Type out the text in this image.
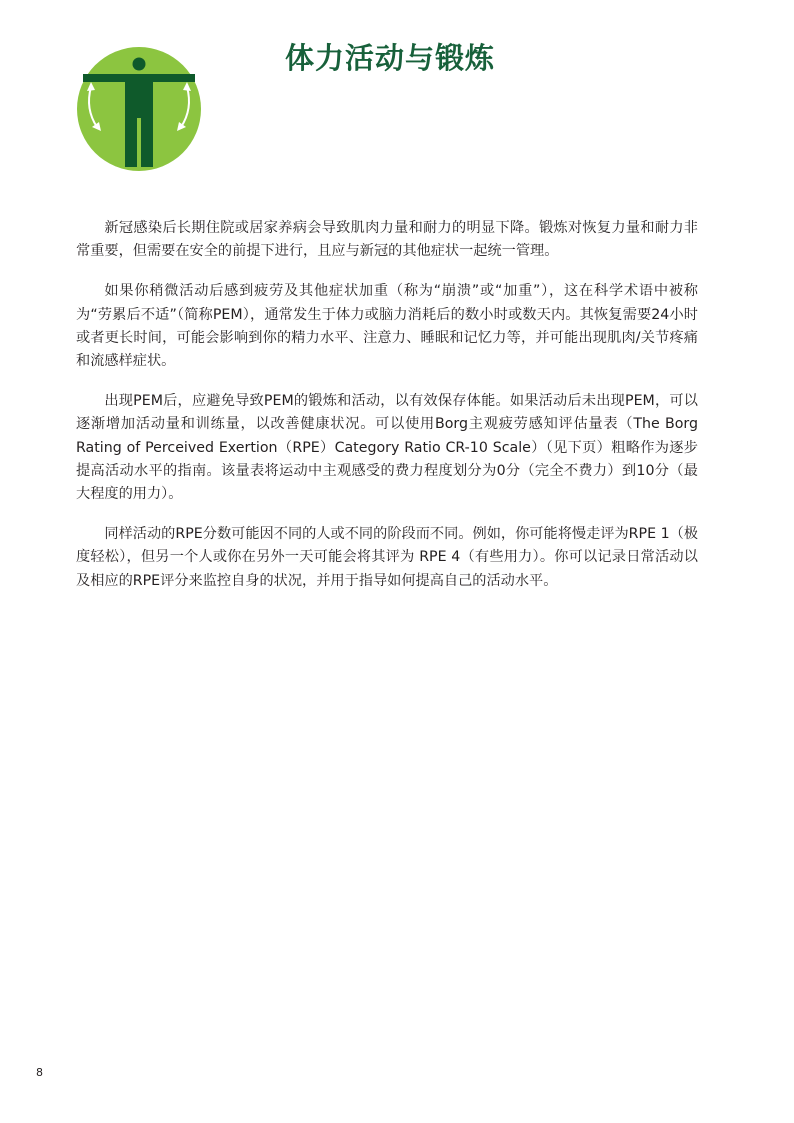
体力活动与锻炼

新冠感染后长期住院或居家养病会导致肌肉力量和耐力的明显下降。锻炼对恢复力量和耐力非常重要，但需要在安全的前提下进行，且应与新冠的其他症状一起统一管理。

如果你稍微活动后感到疲劳及其他症状加重（称为“崩溃”或“加重”），这在科学术语中被称为“劳累后不适”（简称PEM），通常发生于体力或脑力消耗后的数小时或数天内。其恢复需要24小时或者更长时间，可能会影响到你的精力水平、注意力、睡眠和记忆力等，并可能出现肌肉/关节疼痛和流感样症状。

出现PEM后，应避免导致PEM的锻炼和活动，以有效保存体能。如果活动后未出现PEM，可以逐渐增加活动量和训练量，以改善健康状况。可以使用Borg主观疲劳感知评估量表（The Borg Rating of Perceived Exertion（RPE）Category Ratio CR-10 Scale）（见下页）粗略作为逐步提高活动水平的指南。该量表将运动中主观感受的费力程度划分为0分（完全不费力）到10分（最大程度的用力）。

同样活动的RPE分数可能因不同的人或不同的阶段而不同。例如，你可能将慢走评为RPE 1（极度轻松），但另一个人或你在另外一天可能会将其评为 RPE 4（有些用力）。你可以记录日常活动以及相应的RPE评分来监控自身的状况，并用于指导如何提高自己的活动水平。

8
